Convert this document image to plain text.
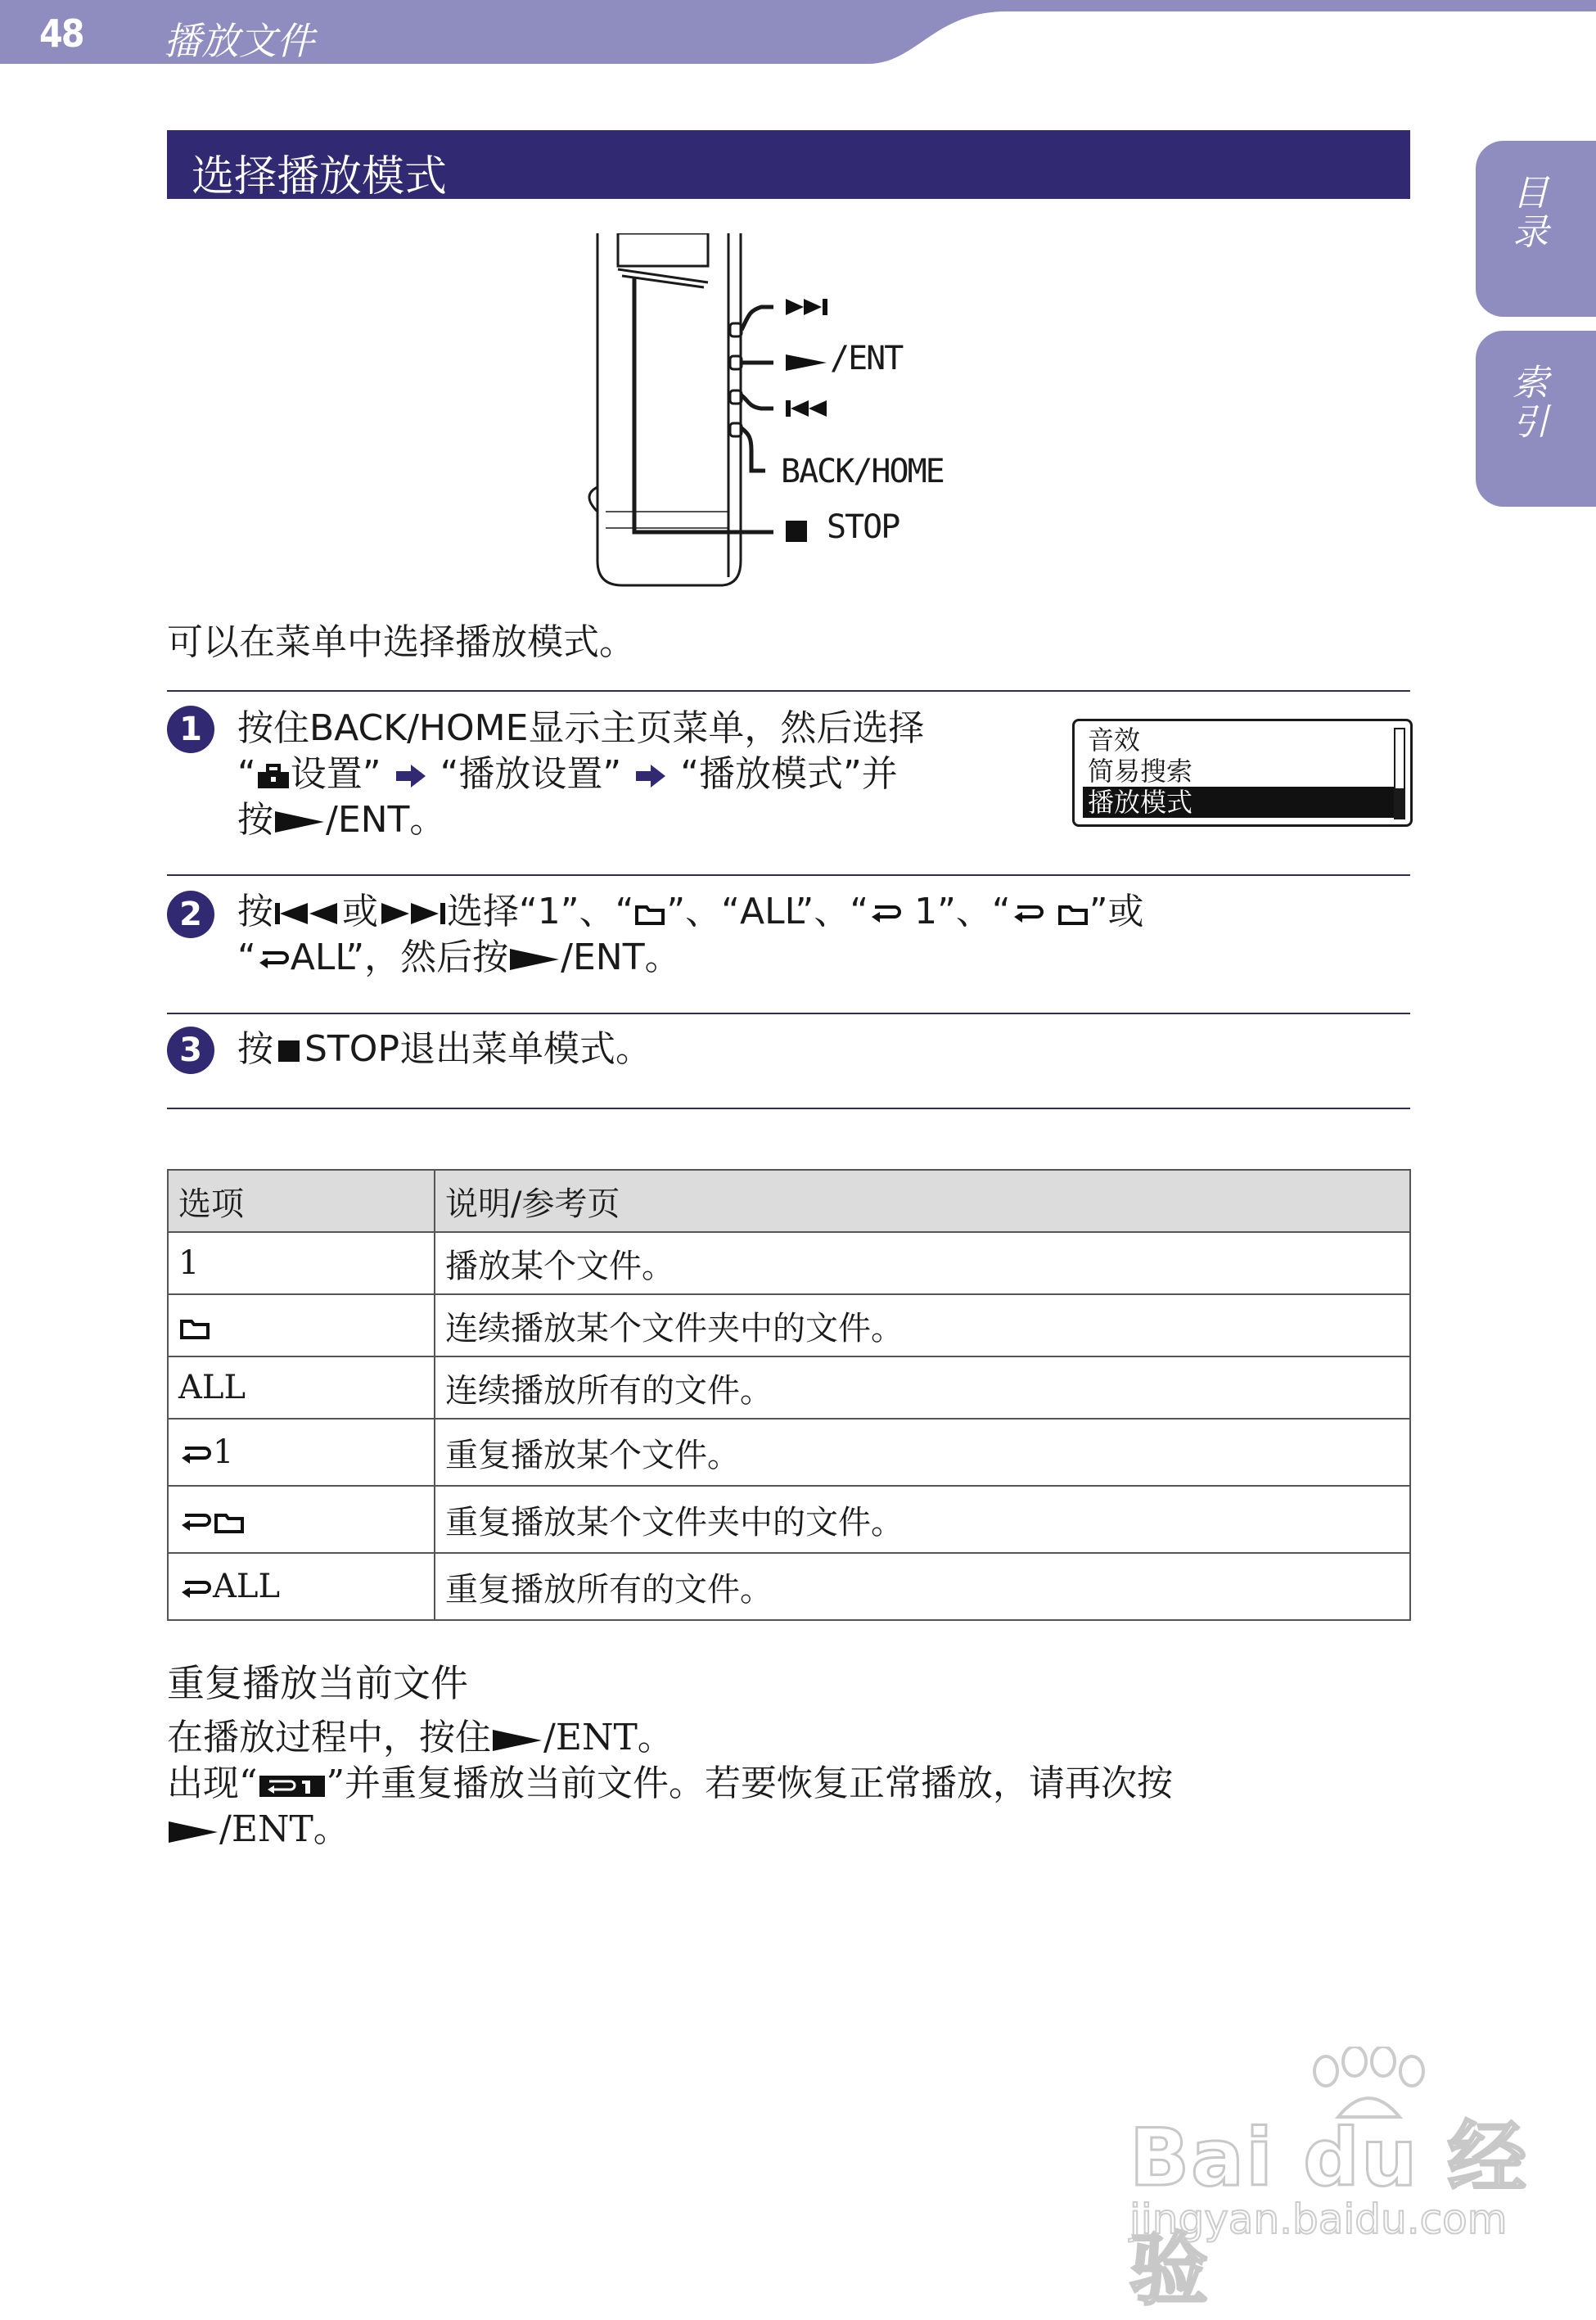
48 播放文件
目录
索引
选择播放模式
/ENT
BACK/HOME
STOP
可以在菜单中选择播放模式。
1 按住BACK/HOME显示主页菜单，然后选择
“ 设置” “播放设置” “播放模式”并
按 /ENT。
音效
简易搜索
播放模式
2 按 或 选择“1”、“ ”、“ALL”、“ 1”、“ ”或
“ ALL”，然后按 /ENT。
3 按 STOP退出菜单模式。
选项	说明/参考页
1	播放某个文件。
	连续播放某个文件夹中的文件。
ALL	连续播放所有的文件。
1	重复播放某个文件。
	重复播放某个文件夹中的文件。
ALL	重复播放所有的文件。
重复播放当前文件
在播放过程中，按住 /ENT。
出现“ ”并重复播放当前文件。若要恢复正常播放，请再次按
/ENT。
Bai du 经验
jingyan.baidu.com
